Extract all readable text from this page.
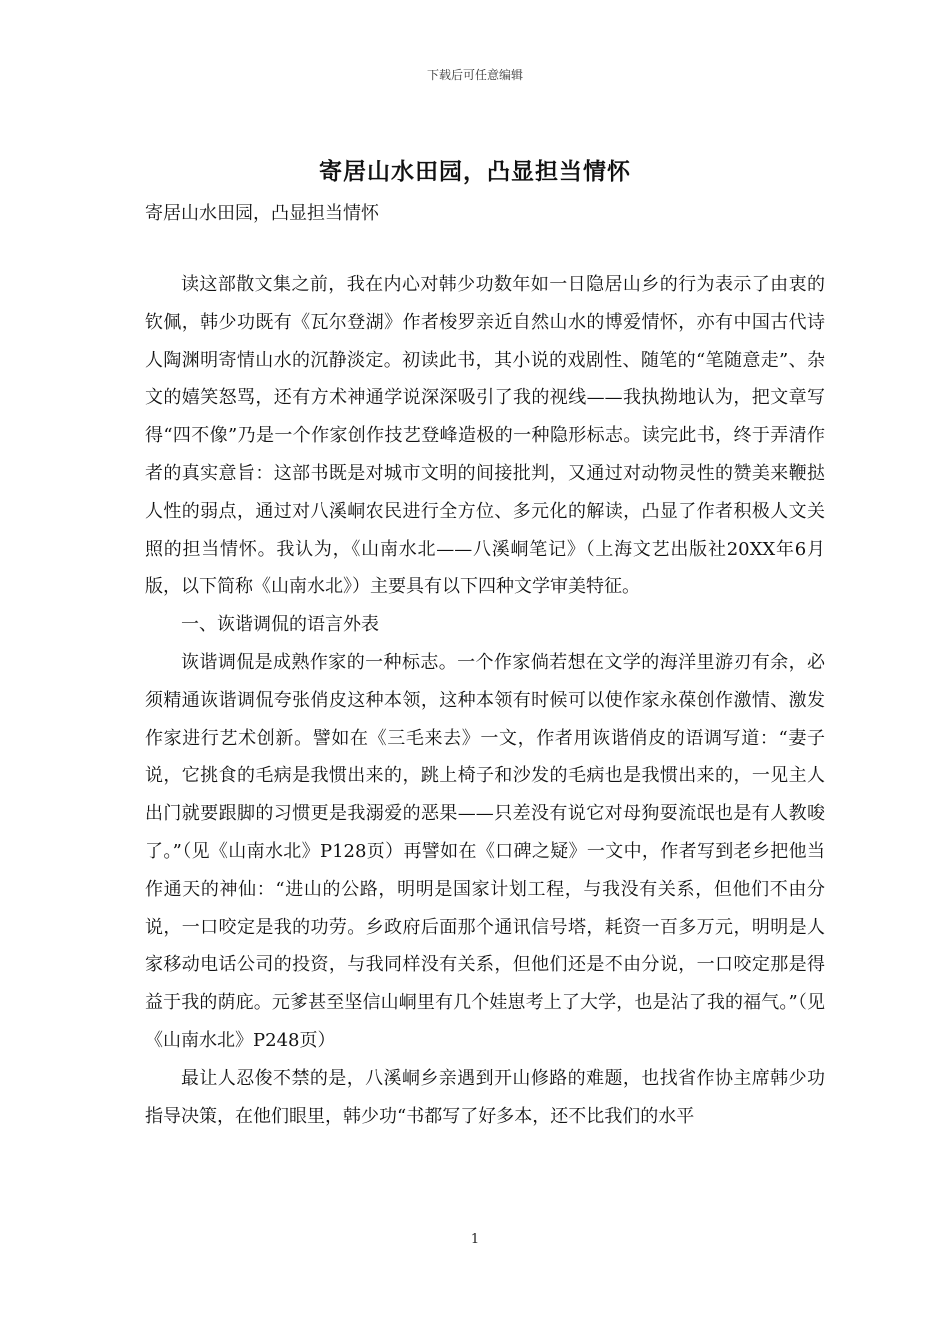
下载后可任意编辑
寄居山水田园，凸显担当情怀
寄居山水田园，凸显担当情怀

读这部散文集之前，我在内心对韩少功数年如一日隐居山乡的行为表示了由衷的钦佩，韩少功既有《瓦尔登湖》作者梭罗亲近自然山水的博爱情怀，亦有中国古代诗人陶渊明寄情山水的沉静淡定。初读此书，其小说的戏剧性、随笔的“笔随意走”、杂文的嬉笑怒骂，还有方术神通学说深深吸引了我的视线——我执拗地认为，把文章写得“四不像”乃是一个作家创作技艺登峰造极的一种隐形标志。读完此书，终于弄清作者的真实意旨：这部书既是对城市文明的间接批判，又通过对动物灵性的赞美来鞭挞人性的弱点，通过对八溪峒农民进行全方位、多元化的解读，凸显了作者积极人文关照的担当情怀。我认为，《山南水北——八溪峒笔记》（上海文艺出版社20XX年6月版，以下简称《山南水北》）主要具有以下四种文学审美特征。

一、诙谐调侃的语言外表

诙谐调侃是成熟作家的一种标志。一个作家倘若想在文学的海洋里游刃有余，必须精通诙谐调侃夸张俏皮这种本领，这种本领有时候可以使作家永葆创作激情、激发作家进行艺术创新。譬如在《三毛来去》一文，作者用诙谐俏皮的语调写道：“妻子说，它挑食的毛病是我惯出来的，跳上椅子和沙发的毛病也是我惯出来的，一见主人出门就要跟脚的习惯更是我溺爱的恶果——只差没有说它对母狗耍流氓也是有人教唆了。”（见《山南水北》P128页）再譬如在《口碑之疑》一文中，作者写到老乡把他当作通天的神仙：“进山的公路，明明是国家计划工程，与我没有关系，但他们不由分说，一口咬定是我的功劳。乡政府后面那个通讯信号塔，耗资一百多万元，明明是人家移动电话公司的投资，与我同样没有关系，但他们还是不由分说，一口咬定那是得益于我的荫庇。元爹甚至坚信山峒里有几个娃崽考上了大学，也是沾了我的福气。”（见《山南水北》P248页）

最让人忍俊不禁的是，八溪峒乡亲遇到开山修路的难题，也找省作协主席韩少功指导决策，在他们眼里，韩少功“书都写了好多本，还不比我们的水平

1
